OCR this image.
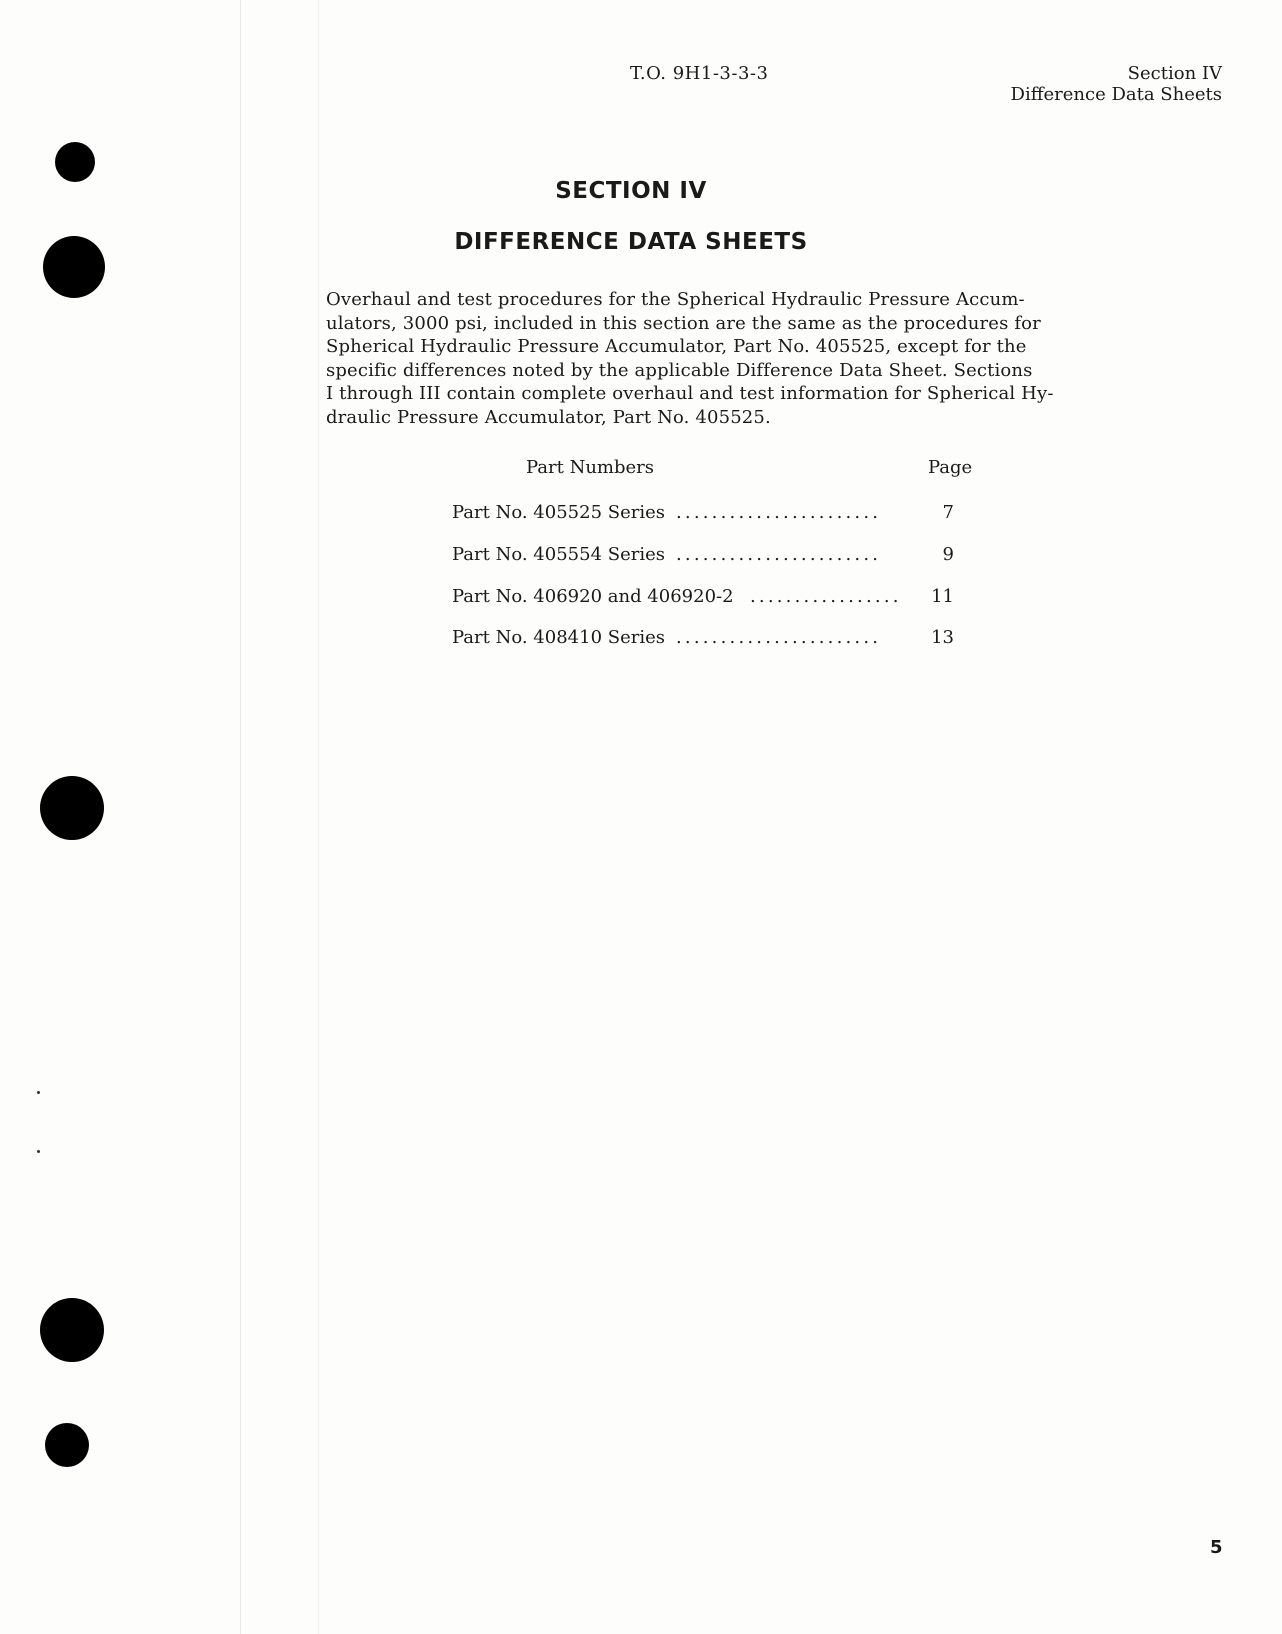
T.O. 9H1-3-3-3	Section IV
Difference Data Sheets
SECTION IV
DIFFERENCE DATA SHEETS
Overhaul and test procedures for the Spherical Hydraulic Pressure Accum-
ulators, 3000 psi, included in this section are the same as the procedures for
Spherical Hydraulic Pressure Accumulator, Part No. 405525, except for the
specific differences noted by the applicable Difference Data Sheet. Sections
I through III contain complete overhaul and test information for Spherical Hy-
draulic Pressure Accumulator, Part No. 405525.
Part Numbers	Page
Part No. 405525 Series .......................	7
Part No. 405554 Series .......................	9
Part No. 406920 and 406920-2 .................	11
Part No. 408410 Series .......................	13
5
